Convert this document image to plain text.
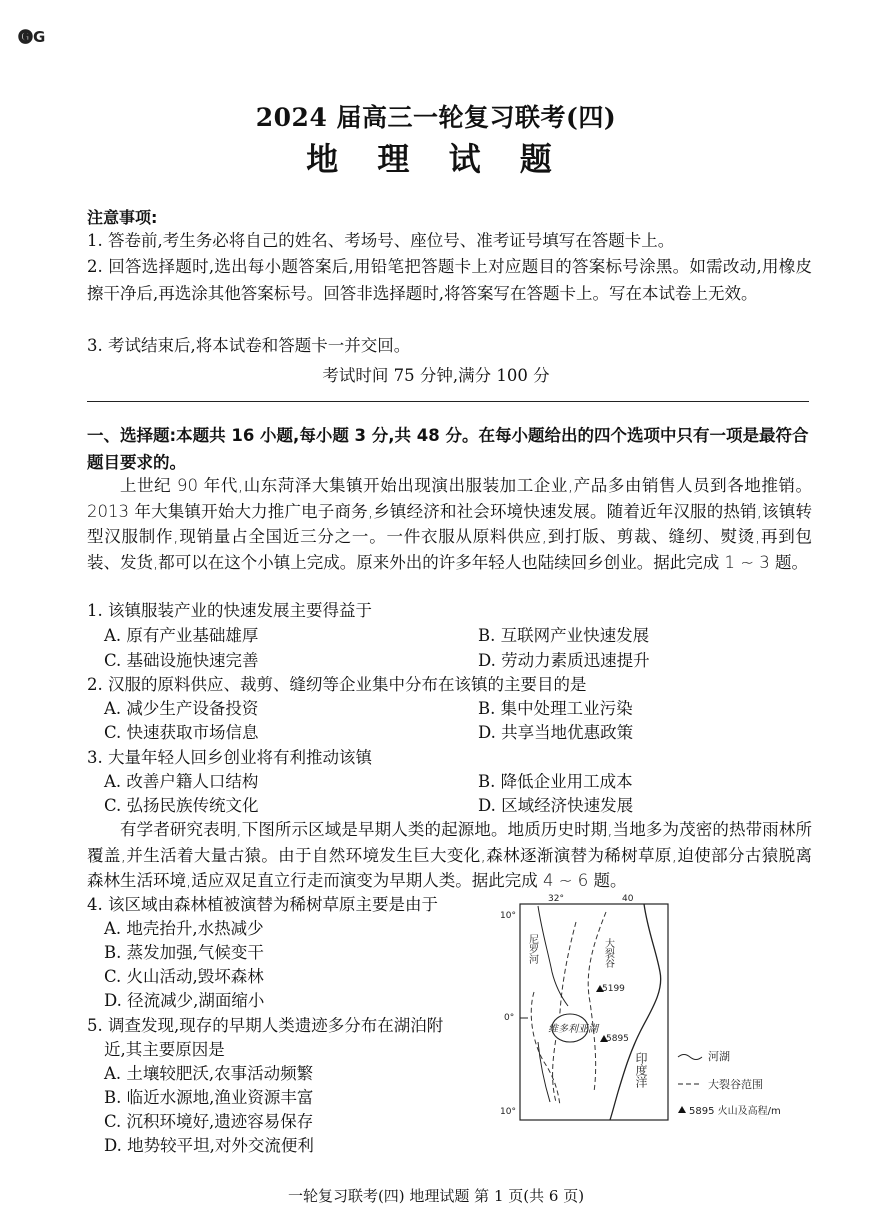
🅖G
2024 届高三一轮复习联考(四)
地 理 试 题
注意事项:
1. 答卷前,考生务必将自己的姓名、考场号、座位号、准考证号填写在答题卡上。
2. 回答选择题时,选出每小题答案后,用铅笔把答题卡上对应题目的答案标号涂黑。如需改动,用橡皮擦干净后,再选涂其他答案标号。回答非选择题时,将答案写在答题卡上。写在本试卷上无效。
3. 考试结束后,将本试卷和答题卡一并交回。
考试时间 75 分钟,满分 100 分
一、选择题:本题共 16 小题,每小题 3 分,共 48 分。在每小题给出的四个选项中只有一项是最符合题目要求的。
上世纪 90 年代,山东菏泽大集镇开始出现演出服装加工企业,产品多由销售人员到各地推销。2013 年大集镇开始大力推广电子商务,乡镇经济和社会环境快速发展。随着近年汉服的热销,该镇转型汉服制作,现销量占全国近三分之一。一件衣服从原料供应,到打版、剪裁、缝纫、熨烫,再到包装、发货,都可以在这个小镇上完成。原来外出的许多年轻人也陆续回乡创业。据此完成 1 ~ 3 题。
1. 该镇服装产业的快速发展主要得益于
A. 原有产业基础雄厚	B. 互联网产业快速发展
C. 基础设施快速完善	D. 劳动力素质迅速提升
2. 汉服的原料供应、裁剪、缝纫等企业集中分布在该镇的主要目的是
A. 减少生产设备投资	B. 集中处理工业污染
C. 快速获取市场信息	D. 共享当地优惠政策
3. 大量年轻人回乡创业将有利推动该镇
A. 改善户籍人口结构	B. 降低企业用工成本
C. 弘扬民族传统文化	D. 区域经济快速发展
有学者研究表明,下图所示区域是早期人类的起源地。地质历史时期,当地多为茂密的热带雨林所覆盖,并生活着大量古猿。由于自然环境发生巨大变化,森林逐渐演替为稀树草原,迫使部分古猿脱离森林生活环境,适应双足直立行走而演变为早期人类。据此完成 4 ~ 6 题。
4. 该区域由森林植被演替为稀树草原主要是由于
A. 地壳抬升,水热减少
B. 蒸发加强,气候变干
C. 火山活动,毁坏森林
D. 径流减少,湖面缩小
5. 调查发现,现存的早期人类遗迹多分布在湖泊附
近,其主要原因是
A. 土壤较肥沃,农事活动频繁
B. 临近水源地,渔业资源丰富
C. 沉积环境好,遗迹容易保存
D. 地势较平坦,对外交流便利
32°	40
10°
0°
10°
尼罗河	大裂谷
维多利亚湖
印度洋
5199
5895
河湖
大裂谷范围
5895 火山及高程/m
一轮复习联考(四) 地理试题 第 1 页(共 6 页)
